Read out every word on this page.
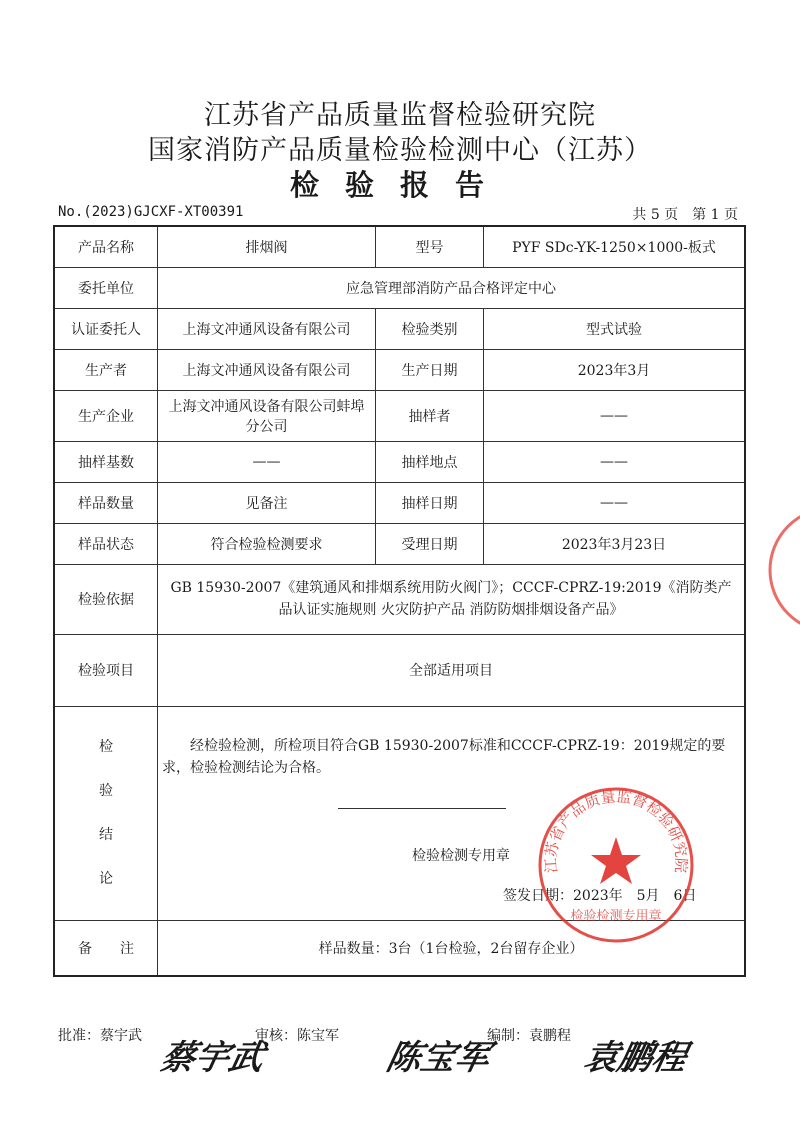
江苏省产品质量监督检验研究院
国家消防产品质量检验检测中心（江苏）
检验报告
No.(2023)GJCXF-XT00391	共 5 页　第 1 页
产品名称	排烟阀	型号	PYF SDc-YK-1250×1000-板式
委托单位	应急管理部消防产品合格评定中心		
认证委托人	上海文冲通风设备有限公司	检验类别	型式试验
生产者	上海文冲通风设备有限公司	生产日期	2023年3月
生产企业	上海文冲通风设备有限公司蚌埠分公司	抽样者	——
抽样基数	——	抽样地点	——
样品数量	见备注	抽样日期	——
样品状态	符合检验检测要求	受理日期	2023年3月23日
检验依据	GB 15930-2007《建筑通风和排烟系统用防火阀门》；CCCF-CPRZ-19:2019《消防类产品认证实施规则 火灾防护产品 消防防烟排烟设备产品》		
检验项目	全部适用项目		

检验结论	经检验检测，所检项目符合GB 15930-2007标准和CCCF-CPRZ-19：2019规定的要求，检验检测结论为合格。
检验检测专用章
签发日期：2023年　5月　6日		

备　　注	样品数量：3台（1台检验，2台留存企业）		
江苏省产品质量监督检验研究院
检验检测专用章
批准：蔡宇武
蔡宇武
审核：陈宝军
陈宝军
编制：袁鹏程
袁鹏程
